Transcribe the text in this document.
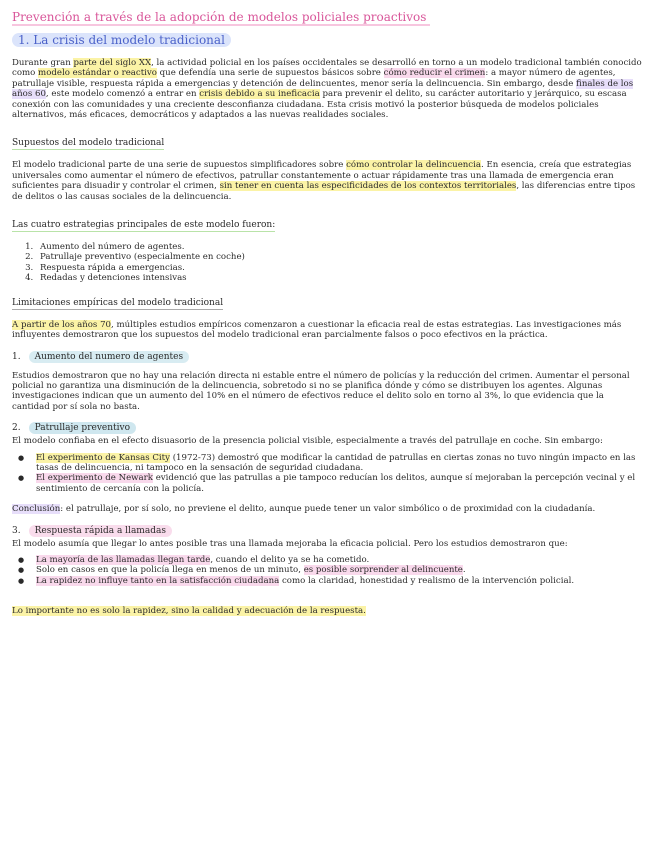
Prevención a través de la adopción de modelos policiales proactivos
1. La crisis del modelo tradicional

Durante gran parte del siglo XX, la actividad policial en los países occidentales se desarrolló en torno a un modelo tradicional también conocido como modelo estándar o reactivo que defendía una serie de supuestos básicos sobre cómo reducir el crimen: a mayor número de agentes, patrullaje visible, respuesta rápida a emergencias y detención de delincuentes, menor sería la delincuencia. Sin embargo, desde finales de los años 60, este modelo comenzó a entrar en crisis debido a su ineficacia para prevenir el delito, su carácter autoritario y jerárquico, su escasa conexión con las comunidades y una creciente desconfianza ciudadana. Esta crisis motivó la posterior búsqueda de modelos policiales alternativos, más eficaces, democráticos y adaptados a las nuevas realidades sociales.

Supuestos del modelo tradicional

El modelo tradicional parte de una serie de supuestos simplificadores sobre cómo controlar la delincuencia. En esencia, creía que estrategias universales como aumentar el número de efectivos, patrullar constantemente o actuar rápidamente tras una llamada de emergencia eran suficientes para disuadir y controlar el crimen, sin tener en cuenta las especificidades de los contextos territoriales, las diferencias entre tipos de delitos o las causas sociales de la delincuencia.

Las cuatro estrategias principales de este modelo fueron:
1. Aumento del número de agentes.
2. Patrullaje preventivo (especialmente en coche)
3. Respuesta rápida a emergencias.
4. Redadas y detenciones intensivas
Limitaciones empíricas del modelo tradicional

A partir de los años 70, múltiples estudios empíricos comenzaron a cuestionar la eficacia real de estas estrategias. Las investigaciones más influyentes demostraron que los supuestos del modelo tradicional eran parcialmente falsos o poco efectivos en la práctica.

1. Aumento del numero de agentes

Estudios demostraron que no hay una relación directa ni estable entre el número de policías y la reducción del crimen. Aumentar el personal policial no garantiza una disminución de la delincuencia, sobretodo si no se planifica dónde y cómo se distribuyen los agentes. Algunas investigaciones indican que un aumento del 10% en el número de efectivos reduce el delito solo en torno al 3%, lo que evidencia que la cantidad por sí sola no basta.

2. Patrullaje preventivo

El modelo confiaba en el efecto disuasorio de la presencia policial visible, especialmente a través del patrullaje en coche. Sin embargo:

● El experimento de Kansas City (1972-73) demostró que modificar la cantidad de patrullas en ciertas zonas no tuvo ningún impacto en las tasas de delincuencia, ni tampoco en la sensación de seguridad ciudadana.
● El experimento de Newark evidenció que las patrullas a pie tampoco reducían los delitos, aunque sí mejoraban la percepción vecinal y el sentimiento de cercanía con la policía.

Conclusión: el patrullaje, por sí solo, no previene el delito, aunque puede tener un valor simbólico o de proximidad con la ciudadanía.

3. Respuesta rápida a llamadas

El modelo asumía que llegar lo antes posible tras una llamada mejoraba la eficacia policial. Pero los estudios demostraron que:

● La mayoría de las llamadas llegan tarde, cuando el delito ya se ha cometido.
● Solo en casos en que la policía llega en menos de un minuto, es posible sorprender al delincuente.
● La rapidez no influye tanto en la satisfacción ciudadana como la claridad, honestidad y realismo de la intervención policial.
Lo importante no es solo la rapidez, sino la calidad y adecuación de la respuesta.
